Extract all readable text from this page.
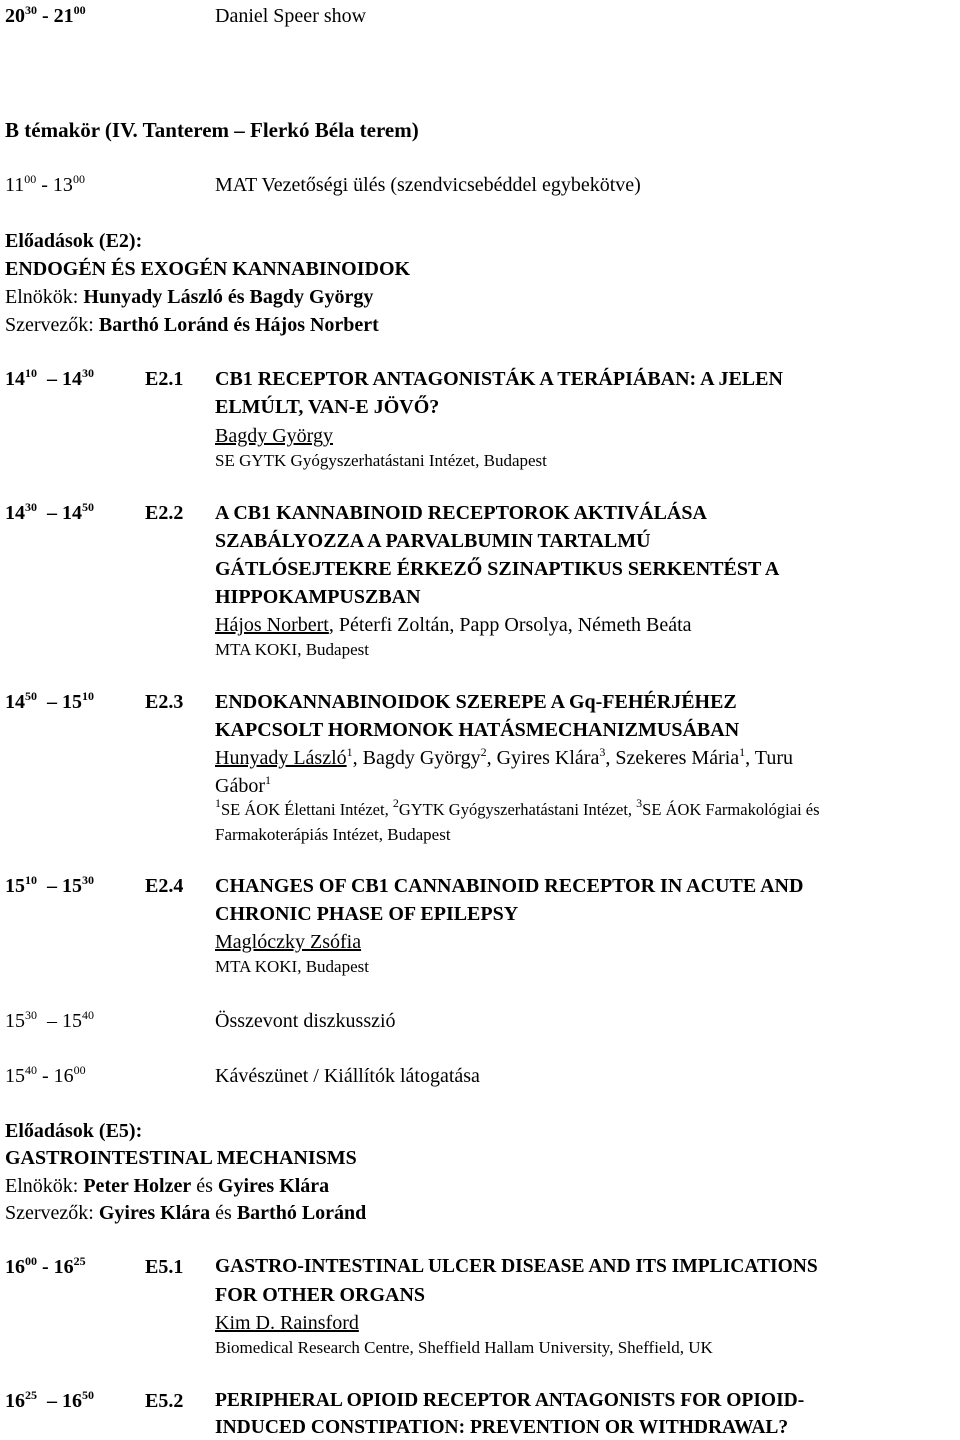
$20^{30} - 21^{00}$	Daniel Speer show
B témakör (IV. Tanterem – Flerkó Béla terem)
$11^{00} - 13^{00}$	MAT Vezetőségi ülés (szendvicsebéddel egybekötve)
Előadások (E2):
ENDOGÉN ÉS EXOGÉN KANNABINOIDOK
Elnökök: Hunyady László és Bagdy György
Szervezők: Barthó Loránd és Hájos Norbert
$14^{10} - 14^{30}$	E2.1 CB1 RECEPTOR ANTAGONISTÁK A TERÁPIÁBAN: A JELEN
ELMÚLT, VAN-E JÖVŐ?
Bagdy György
SE GYTK Gyógyszerhatástani Intézet, Budapest
$14^{30} - 14^{50}$	E2.2 A CB1 KANNABINOID RECEPTOROK AKTIVÁLÁSA
SZABÁLYOZZA A PARVALBUMIN TARTALMÚ
GÁTLÓSEJTEKRE ÉRKEZŐ SZINAPTIKUS SERKENTÉST A
HIPPOKAMPUSZBAN
Hájos Norbert, Péterfi Zoltán, Papp Orsolya, Németh Beáta
MTA KOKI, Budapest
$14^{50} - 15^{10}$	E2.3 ENDOKANNABINOIDOK SZEREPE A Gq-FEHÉRJÉHEZ
KAPCSOLT HORMONOK HATÁSMECHANIZMUSÁBAN
Hunyady László$^1$, Bagdy György$^2$, Gyires Klára$^3$, Szekeres Mária$^1$, Turu
Gábor$^1$
$^1$SE ÁOK Élettani Intézet, $^2$GYTK Gyógyszerhatástani Intézet, $^3$SE ÁOK Farmakológiai és
Farmakoterápiás Intézet, Budapest
$15^{10} - 15^{30}$	E2.4 CHANGES OF CB1 CANNABINOID RECEPTOR IN ACUTE AND
CHRONIC PHASE OF EPILEPSY
Maglóczky Zsófia
MTA KOKI, Budapest
$15^{30} - 15^{40}$	Összevont diszkusszió
$15^{40} - 16^{00}$	Kávészünet / Kiállítók látogatása
Előadások (E5):
GASTROINTESTINAL MECHANISMS
Elnökök: Peter Holzer és Gyires Klára
Szervezők: Gyires Klára és Barthó Loránd
$16^{00} - 16^{25}$	E5.1 GASTRO-INTESTINAL ULCER DISEASE AND ITS IMPLICATIONS
FOR OTHER ORGANS
Kim D. Rainsford
Biomedical Research Centre, Sheffield Hallam University, Sheffield, UK
$16^{25} - 16^{50}$	E5.2 PERIPHERAL OPIOID RECEPTOR ANTAGONISTS FOR OPIOID-
INDUCED CONSTIPATION: PREVENTION OR WITHDRAWAL?
